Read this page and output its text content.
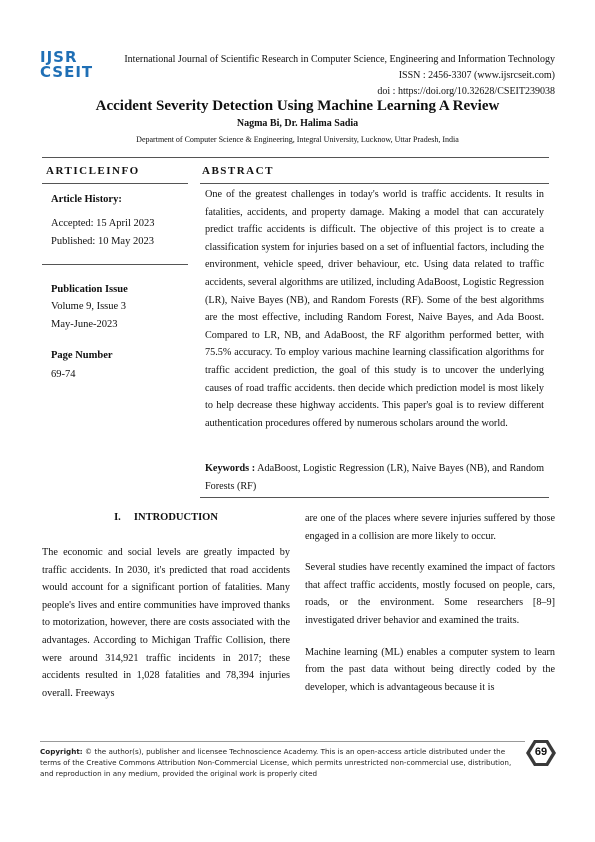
IJSR
CSEIT
International Journal of Scientific Research in Computer Science, Engineering and Information Technology
ISSN : 2456-3307 (www.ijsrcseit.com)
doi : https://doi.org/10.32628/CSEIT239038
Accident Severity Detection Using Machine Learning A Review
Nagma Bi, Dr. Halima Sadia
Department of Computer Science & Engineering, Integral University, Lucknow, Uttar Pradesh, India
ARTICLEINFO	ABSTRACT
Article History:
Accepted: 15 April 2023
Published: 10 May 2023
Publication Issue
Volume 9, Issue 3
May-June-2023
Page Number
69-74
One of the greatest challenges in today's world is traffic accidents. It results in fatalities, accidents, and property damage. Making a model that can accurately predict traffic accidents is difficult. The objective of this project is to create a classification system for injuries based on a set of influential factors, including the environment, vehicle speed, driver behaviour, etc. Using data related to traffic accidents, several algorithms are utilized, including AdaBoost, Logistic Regression (LR), Naive Bayes (NB), and Random Forests (RF). Some of the best algorithms are the most effective, including Random Forest, Naive Bayes, and Ada Boost. Compared to LR, NB, and AdaBoost, the RF algorithm performed better, with 75.5% accuracy. To employ various machine learning classification algorithms for traffic accident prediction, the goal of this study is to uncover the underlying causes of road traffic accidents. then decide which prediction model is most likely to help decrease these highway accidents. This paper's goal is to review different authentication procedures offered by numerous scholars around the world.
Keywords : AdaBoost, Logistic Regression (LR), Naive Bayes (NB), and Random Forests (RF)
I.     INTRODUCTION

The economic and social levels are greatly impacted by traffic accidents. In 2030, it's predicted that road accidents would account for a significant portion of fatalities. Many people's lives and entire communities have improved thanks to motorization, however, there are costs associated with the advantages. According to Michigan Traffic Collision, there were around 314,921 traffic incidents in 2017; these accidents resulted in 1,028 fatalities and 78,394 injuries overall. Freeways

are one of the places where severe injuries suffered by those engaged in a collision are more likely to occur.

Several studies have recently examined the impact of factors that affect traffic accidents, mostly focused on people, cars, roads, or the environment. Some researchers [8–9] investigated driver behavior and examined the traits.

Machine learning (ML) enables a computer system to learn from the past data without being directly coded by the developer, which is advantageous because it is

Copyright: © the author(s), publisher and licensee Technoscience Academy. This is an open-access article distributed under the terms of the Creative Commons Attribution Non-Commercial License, which permits unrestricted non-commercial use, distribution, and reproduction in any medium, provided the original work is properly cited
69
